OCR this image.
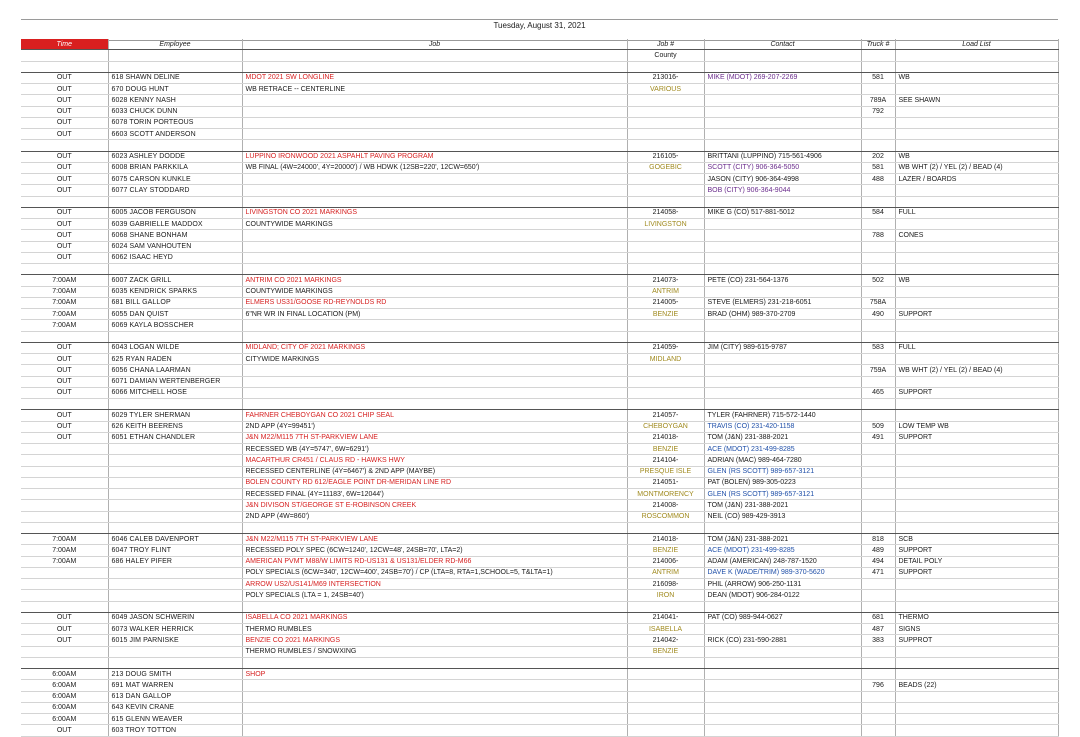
Tuesday, August 31, 2021
Time	Employee	Job	Job #	Contact	Truck #	Load List
			County			

OUT	618 SHAWN DELINE	MDOT 2021 SW LONGLINE	213016-	MIKE (MDOT) 269-207-2269	581	WB
OUT	670 DOUG HUNT	WB RETRACE -- CENTERLINE	VARIOUS			
OUT	6028 KENNY NASH				789A	SEE SHAWN
OUT	6033 CHUCK DUNN				792	
OUT	6078 TORIN PORTEOUS					
OUT	6603 SCOTT ANDERSON					

OUT	6023 ASHLEY DODDE	LUPPINO IRONWOOD 2021 ASPAHLT PAVING PROGRAM	216105-	BRITTANI (LUPPINO) 715-561-4906	202	WB
OUT	6008 BRIAN PARKKILA	WB FINAL (4W=24000', 4Y=20000') / WB HDWK (12SB=220', 12CW=650')	GOGEBIC	SCOTT (CITY) 906-364-5050	581	WB WHT (2) / YEL (2) / BEAD (4)
OUT	6075 CARSON KUNKLE			JASON (CITY) 906-364-4998	488	LAZER / BOARDS
OUT	6077 CLAY STODDARD			BOB (CITY) 906-364-9044		

OUT	6005 JACOB FERGUSON	LIVINGSTON CO 2021 MARKINGS	214058-	MIKE G (CO) 517-881-5012	584	FULL
OUT	6039 GABRIELLE MADDOX	COUNTYWIDE MARKINGS	LIVINGSTON			
OUT	6068 SHANE BONHAM				788	CONES
OUT	6024 SAM VANHOUTEN					
OUT	6062 ISAAC HEYD					

7:00AM	6007 ZACK GRILL	ANTRIM CO 2021 MARKINGS	214073-	PETE (CO) 231-564-1376	502	WB
7:00AM	6035 KENDRICK SPARKS	COUNTYWIDE MARKINGS	ANTRIM			
7:00AM	681 BILL GALLOP	ELMERS US31/GOOSE RD-REYNOLDS RD	214005-	STEVE (ELMERS) 231-218-6051	758A	
7:00AM	6055 DAN QUIST	6"NR WR IN FINAL LOCATION (PM)	BENZIE	BRAD (OHM) 989-370-2709	490	SUPPORT
7:00AM	6069 KAYLA BOSSCHER					

OUT	6043 LOGAN WILDE	MIDLAND; CITY OF 2021 MARKINGS	214059-	JIM (CITY) 989-615-9787	583	FULL
OUT	625 RYAN RADEN	CITYWIDE MARKINGS	MIDLAND			
OUT	6056 CHANA LAARMAN				759A	WB WHT (2) / YEL (2) / BEAD (4)
OUT	6071 DAMIAN WERTENBERGER					
OUT	6066 MITCHELL HOSE				465	SUPPORT

OUT	6029 TYLER SHERMAN	FAHRNER CHEBOYGAN CO 2021 CHIP SEAL	214057-	TYLER (FAHRNER) 715-572-1440		
OUT	626 KEITH BEERENS	2ND APP (4Y=99451')	CHEBOYGAN	TRAVIS (CO) 231-420-1158	509	LOW TEMP WB
OUT	6051 ETHAN CHANDLER	J&N M22/M115 7TH ST-PARKVIEW LANE	214018-	TOM (J&N) 231-388-2021	491	SUPPORT
		RECESSED WB (4Y=5747', 6W=6291')	BENZIE	ACE (MDOT) 231-499-8285		
		MACARTHUR CR451 / CLAUS RD - HAWKS HWY	214104-	ADRIAN (MAC) 989-464-7280		
		RECESSED CENTERLINE (4Y=6467') & 2ND APP (MAYBE)	PRESQUE ISLE	GLEN (RS SCOTT) 989-657-3121		
		BOLEN COUNTY RD 612/EAGLE POINT DR-MERIDAN LINE RD	214051-	PAT (BOLEN) 989-305-0223		
		RECESSED FINAL (4Y=11183', 6W=12044')	MONTMORENCY	GLEN (RS SCOTT) 989-657-3121		
		J&N DIVISON ST/GEORGE ST E-ROBINSON CREEK	214008-	TOM (J&N) 231-388-2021		
		2ND APP (4W=860')	ROSCOMMON	NEIL (CO) 989-429-3913		

7:00AM	6046 CALEB DAVENPORT	J&N M22/M115 7TH ST-PARKVIEW LANE	214018-	TOM (J&N) 231-388-2021	818	SCB
7:00AM	6047 TROY FLINT	RECESSED POLY SPEC (6CW=1240', 12CW=48', 24SB=70', LTA=2)	BENZIE	ACE (MDOT) 231-499-8285	489	SUPPORT
7:00AM	686 HALEY PIFER	AMERICAN PVMT M88/W LIMITS RD-US131 & US131/ELDER RD-M66	214006-	ADAM (AMERICAN) 248-787-1520	494	DETAIL POLY
		POLY SPECIALS (6CW=340', 12CW=400', 24SB=70') / CP (LTA=8, RTA=1,SCHOOL=5, T&LTA=1)	ANTRIM	DAVE K (WADE/TRIM) 989-370-5620	471	SUPPORT
		ARROW US2/US141/M69 INTERSECTION	216098-	PHIL (ARROW) 906-250-1131		
		POLY SPECIALS (LTA = 1, 24SB=40')	IRON	DEAN (MDOT) 906-284-0122		

OUT	6049 JASON SCHWERIN	ISABELLA CO 2021 MARKINGS	214041-	PAT (CO) 989-944-0627	681	THERMO
OUT	6073 WALKER HERRICK	THERMO RUMBLES	ISABELLA		487	SIGNS
OUT	6015 JIM PARNISKE	BENZIE CO 2021 MARKINGS	214042-	RICK (CO) 231-590-2881	383	SUPPROT
		THERMO RUMBLES / SNOWXING	BENZIE			

6:00AM	213 DOUG SMITH	SHOP				
6:00AM	691 MAT WARREN				796	BEADS (22)
6:00AM	613 DAN GALLOP					
6:00AM	643 KEVIN CRANE					
6:00AM	615 GLENN WEAVER					
OUT	603 TROY TOTTON					
